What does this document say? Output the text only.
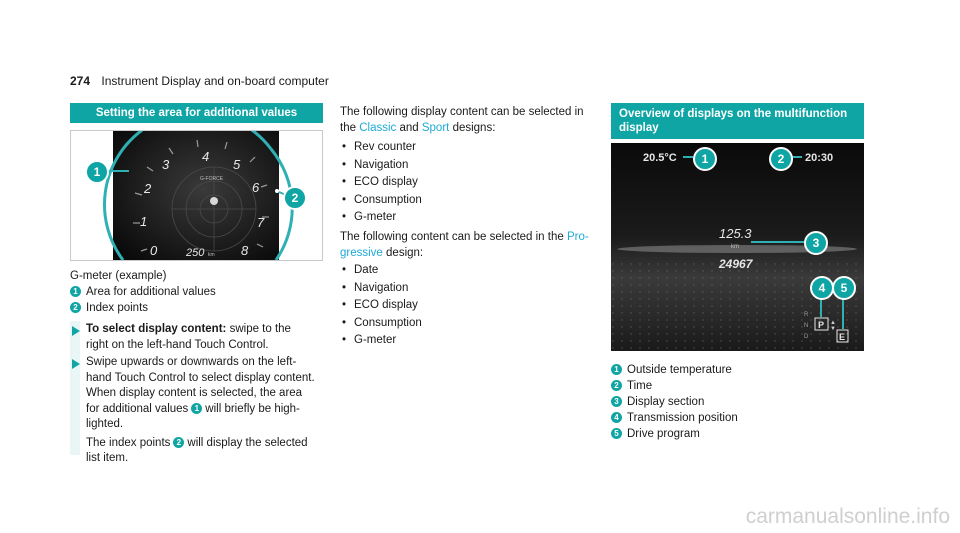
274 Instrument Display and on-board computer
Setting the area for additional values
4
5
3
6
2
7
1
0	8
G-FORCE
250 km
1
2
G-meter (example)
1 Area for additional values
2 Index points
To select display content: swipe to the
right on the left-hand Touch Control.
Swipe upwards or downwards on the left-
hand Touch Control to select display content.
When display content is selected, the area
for additional values 1 will briefly be high-
lighted.
The index points 2 will display the selected
list item.
The following display content can be selected in
the Classic and Sport designs:
• Rev counter
• Navigation
• ECO display
• Consumption
• G-meter
The following content can be selected in the Pro-
gressive design:
• Date
• Navigation
• ECO display
• Consumption
• G-meter
Overview of displays on the multifunction
display
20.5°C	20:30
125.3
km
24967
R
N
D
P ▲
▼
E
1	2
3
4	5
1 Outside temperature
2 Time
3 Display section
4 Transmission position
5 Drive program
carmanualsonline.info
